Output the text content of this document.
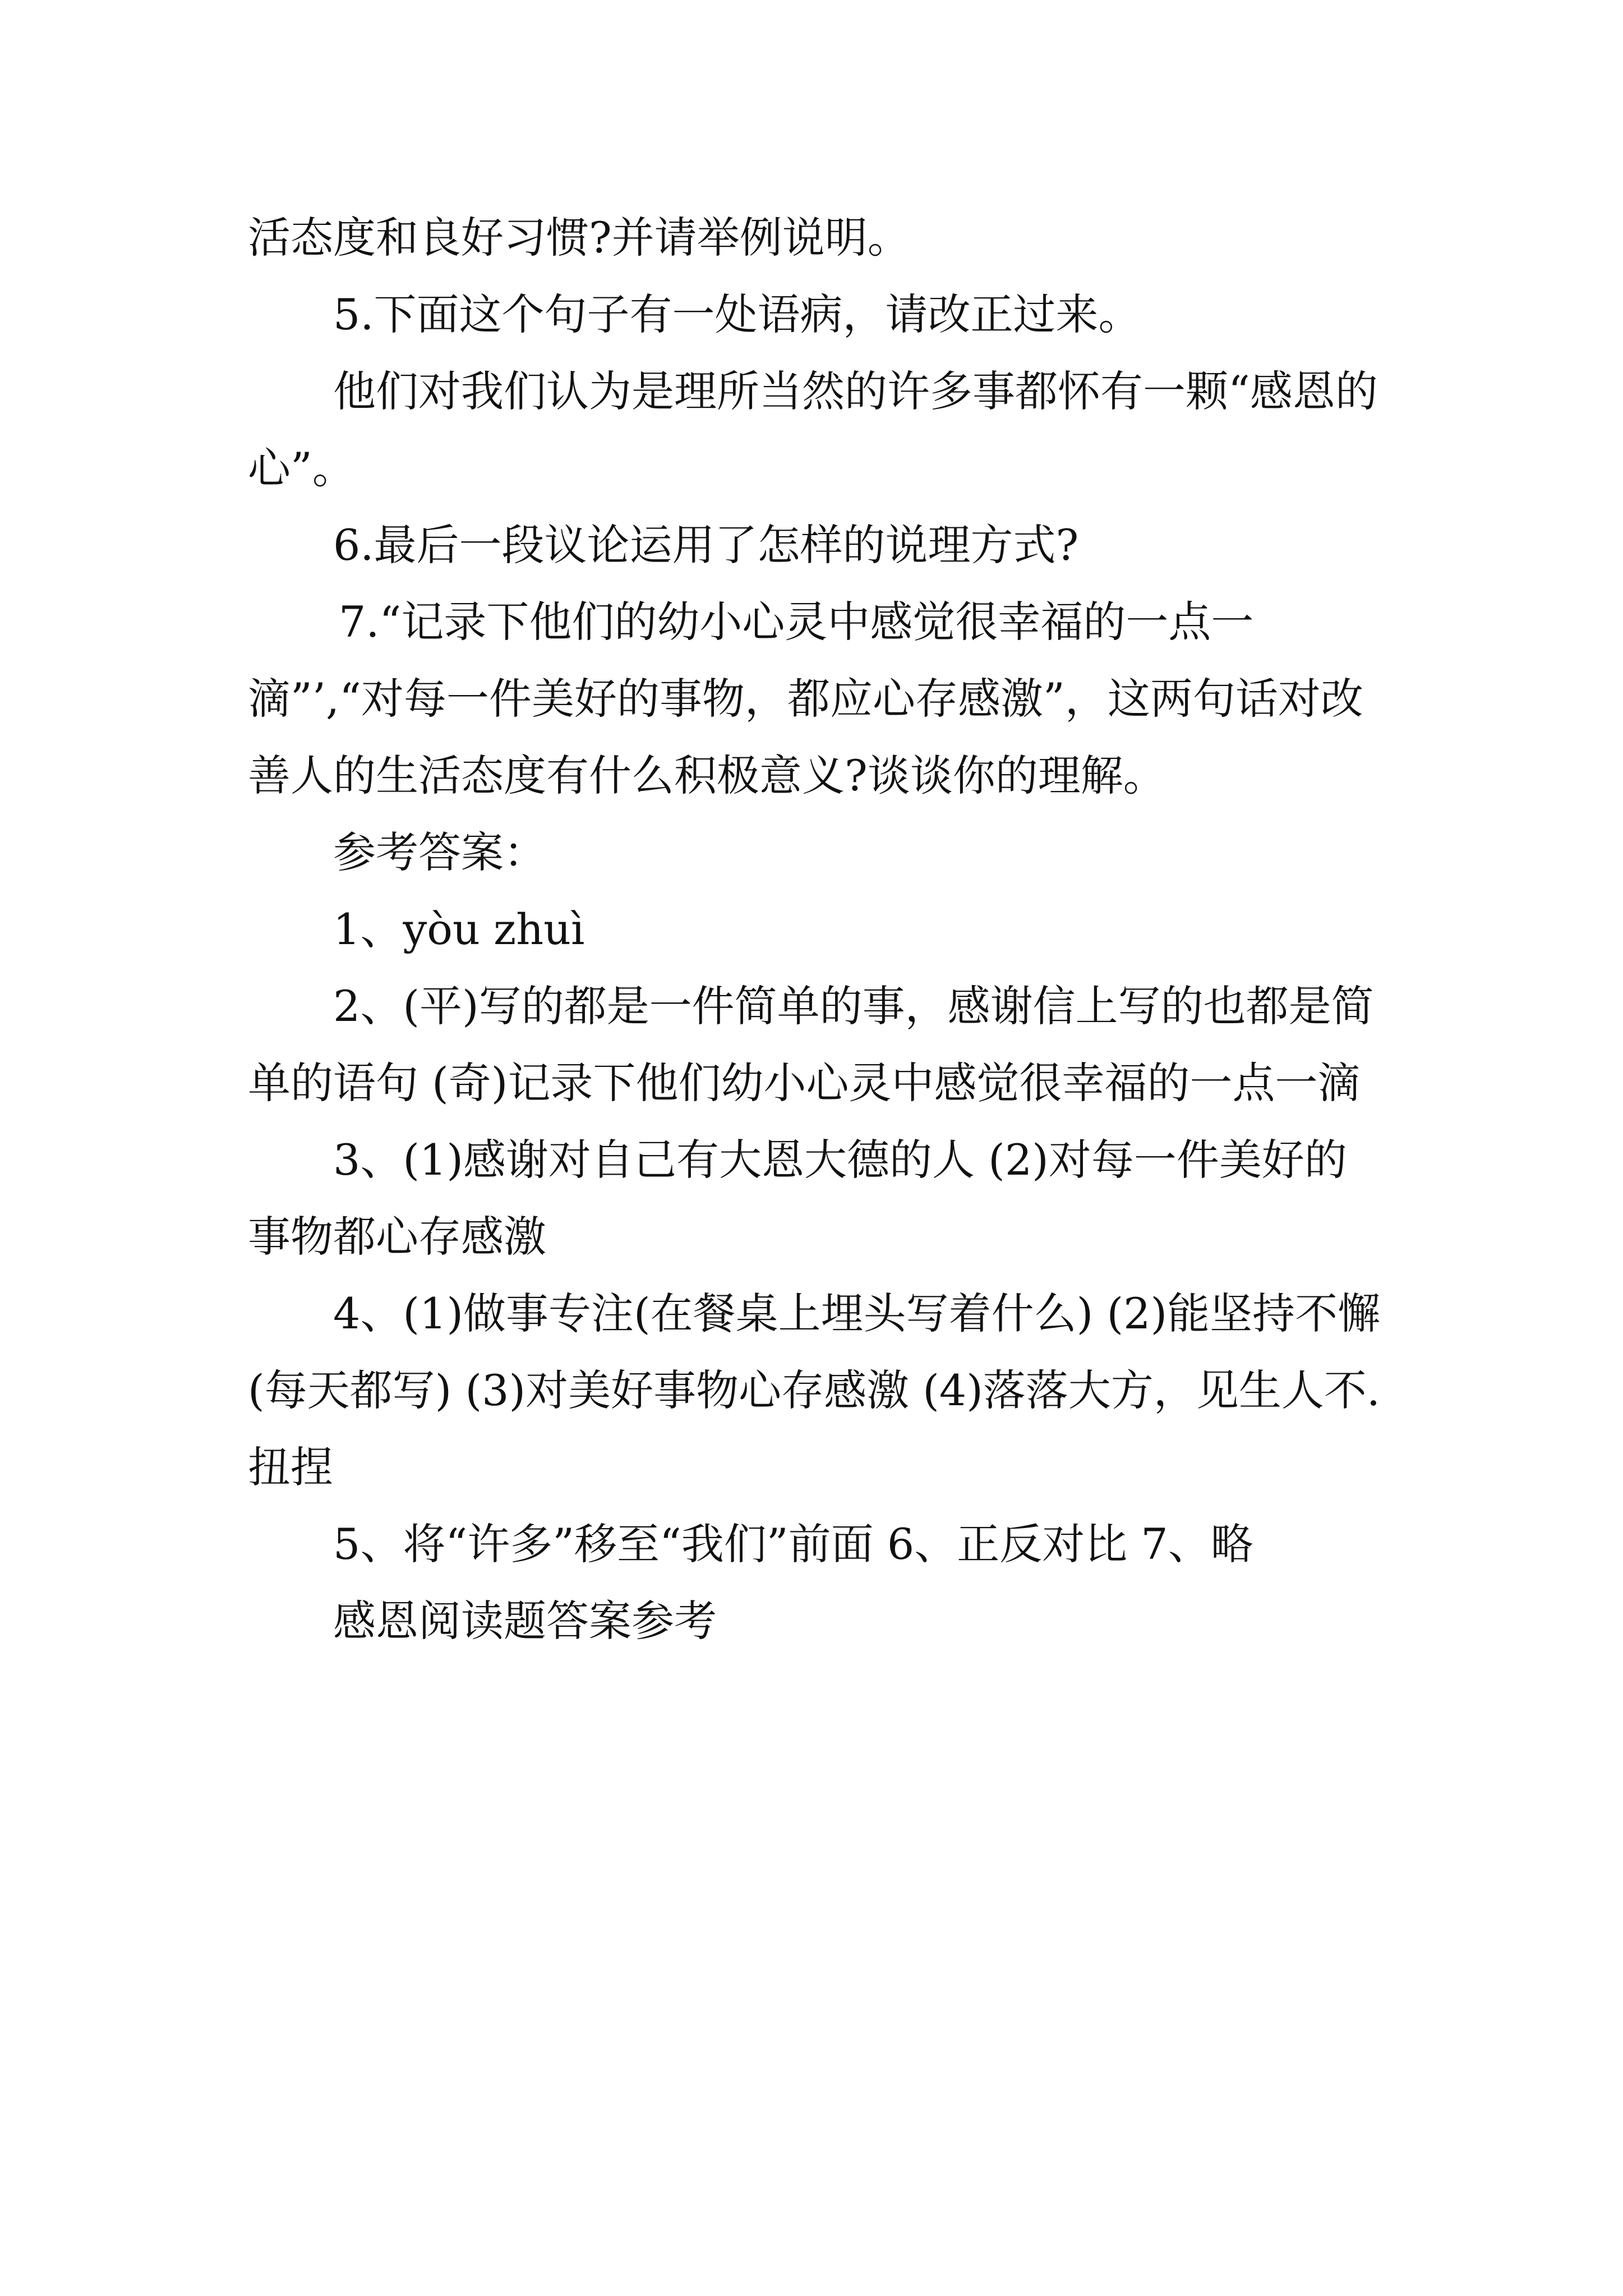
活态度和良好习惯?并请举例说明。

5.下面这个句子有一处语病，请改正过来。

他们对我们认为是理所当然的许多事都怀有一颗“感恩的心”。

6.最后一段议论运用了怎样的说理方式?

7.“记录下他们的幼小心灵中感觉很幸福的一点一滴”’,“对每一件美好的事物，都应心存感激”，这两句话对改善人的生活态度有什么积极意义?谈谈你的理解。

参考答案：

1、yòu zhuì

2、(平)写的都是一件简单的事，感谢信上写的也都是简单的语句 (奇)记录下他们幼小心灵中感觉很幸福的一点一滴

3、(1)感谢对自己有大恩大德的人 (2)对每一件美好的事物都心存感激

4、(1)做事专注(在餐桌上埋头写着什么) (2)能坚持不懈(每天都写) (3)对美好事物心存感激 (4)落落大方，见生人不.扭捏

5、将“许多”移至“我们”前面 6、正反对比 7、略

感恩阅读题答案参考
